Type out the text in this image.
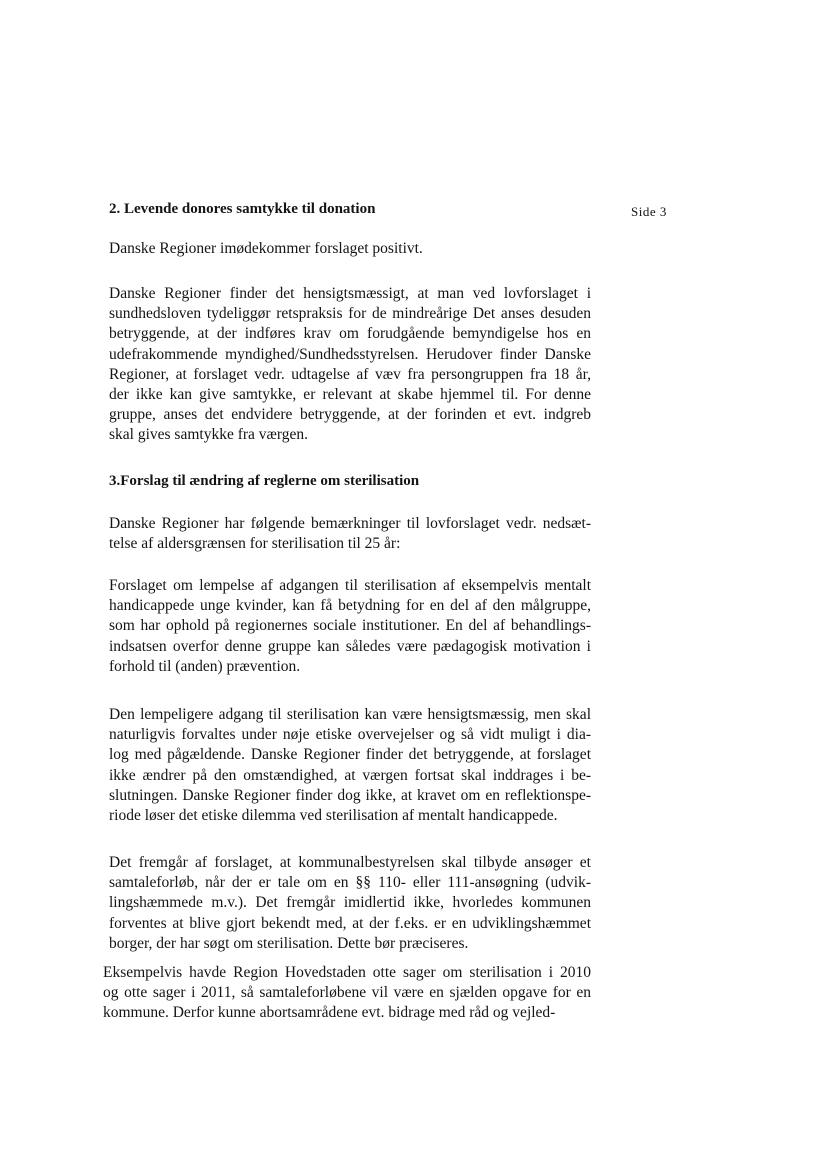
Side 3
2. Levende donores samtykke til donation

Danske Regioner imødekommer forslaget positivt.

Danske Regioner finder det hensigtsmæssigt, at man ved lovforslaget i
sundhedsloven tydeliggør retspraksis for de mindreårige Det anses desuden
betryggende, at der indføres krav om forudgående bemyndigelse hos en
udefrakommende myndighed/Sundhedsstyrelsen. Herudover finder Danske
Regioner, at forslaget vedr. udtagelse af væv fra persongruppen fra 18 år,
der ikke kan give samtykke, er relevant at skabe hjemmel til. For denne
gruppe, anses det endvidere betryggende, at der forinden et evt. indgreb
skal gives samtykke fra værgen.

3.Forslag til ændring af reglerne om sterilisation

Danske Regioner har følgende bemærkninger til lovforslaget vedr. nedsæt-
telse af aldersgrænsen for sterilisation til 25 år:

Forslaget om lempelse af adgangen til sterilisation af eksempelvis mentalt
handicappede unge kvinder, kan få betydning for en del af den målgruppe,
som har ophold på regionernes sociale institutioner. En del af behandlings-
indsatsen overfor denne gruppe kan således være pædagogisk motivation i
forhold til (anden) prævention.

Den lempeligere adgang til sterilisation kan være hensigtsmæssig, men skal
naturligvis forvaltes under nøje etiske overvejelser og så vidt muligt i dia-
log med pågældende. Danske Regioner finder det betryggende, at forslaget
ikke ændrer på den omstændighed, at værgen fortsat skal inddrages i be-
slutningen. Danske Regioner finder dog ikke, at kravet om en reflektionspe-
riode løser det etiske dilemma ved sterilisation af mentalt handicappede.

Det fremgår af forslaget, at kommunalbestyrelsen skal tilbyde ansøger et
samtaleforløb, når der er tale om en §§ 110- eller 111-ansøgning (udvik-
lingshæmmede m.v.). Det fremgår imidlertid ikke, hvorledes kommunen
forventes at blive gjort bekendt med, at der f.eks. er en udviklingshæmmet
borger, der har søgt om sterilisation. Dette bør præciseres.

Eksempelvis havde Region Hovedstaden otte sager om sterilisation i 2010
og otte sager i 2011, så samtaleforløbene vil være en sjælden opgave for en
kommune. Derfor kunne abortsamrådene evt. bidrage med råd og vejled-
